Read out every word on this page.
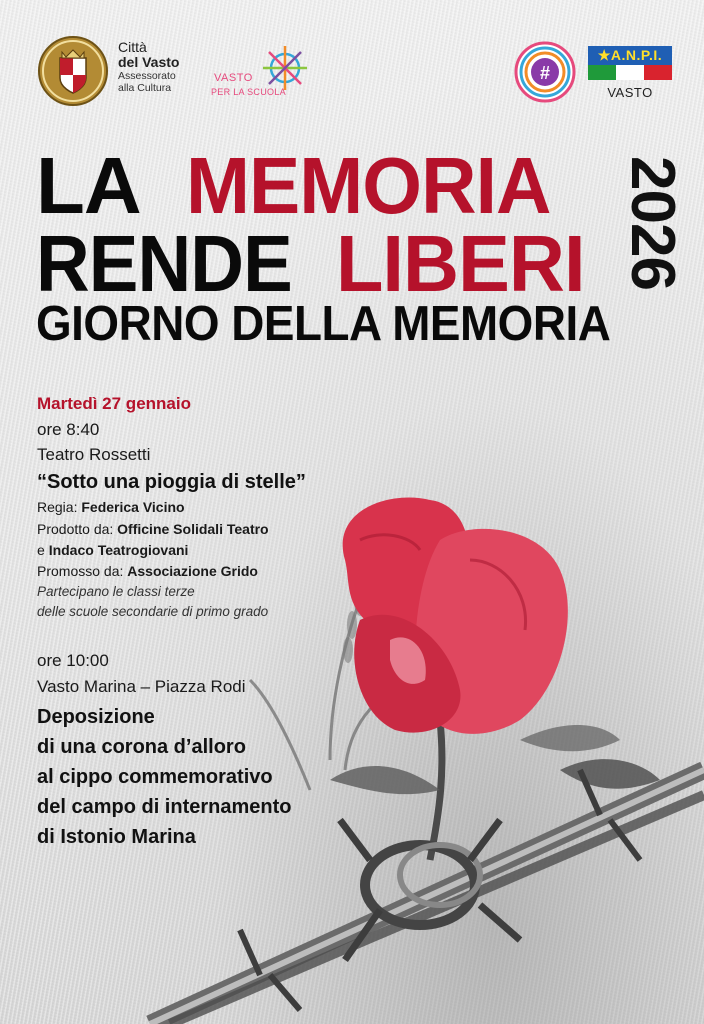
Città
del Vasto
Assessorato
alla Cultura
VASTO
PER LA SCUOLA
#
★A.N.P.I.
VASTO
LA MEMORIA
RENDE LIBERI
GIORNO DELLA MEMORIA
2026
Martedì 27 gennaio
ore 8:40
Teatro Rossetti
“Sotto una pioggia di stelle”
Regia: Federica Vicino
Prodotto da: Officine Solidali Teatro
e Indaco Teatrogiovani
Promosso da: Associazione Grido
Partecipano le classi terze
delle scuole secondarie di primo grado
ore 10:00
Vasto Marina – Piazza Rodi
Deposizione
di una corona d’alloro
al cippo commemorativo
del campo di internamento
di Istonio Marina
